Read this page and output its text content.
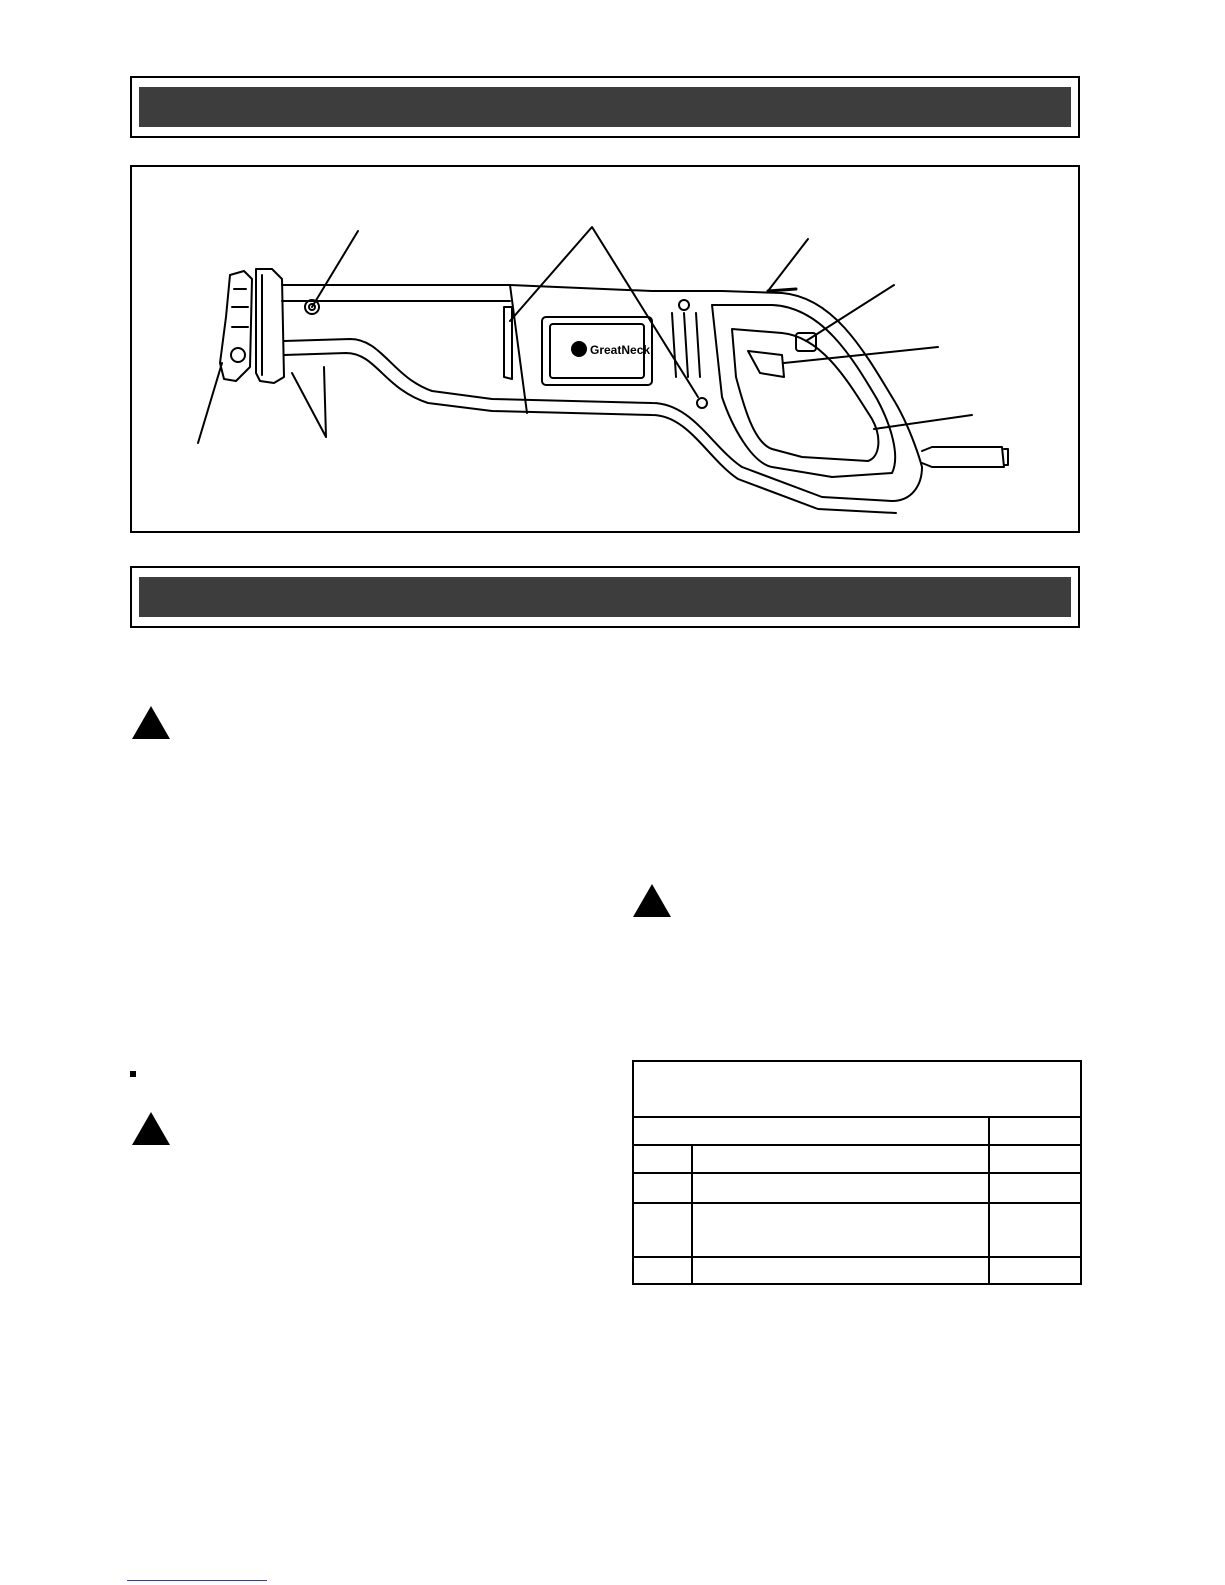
GreatNeck
